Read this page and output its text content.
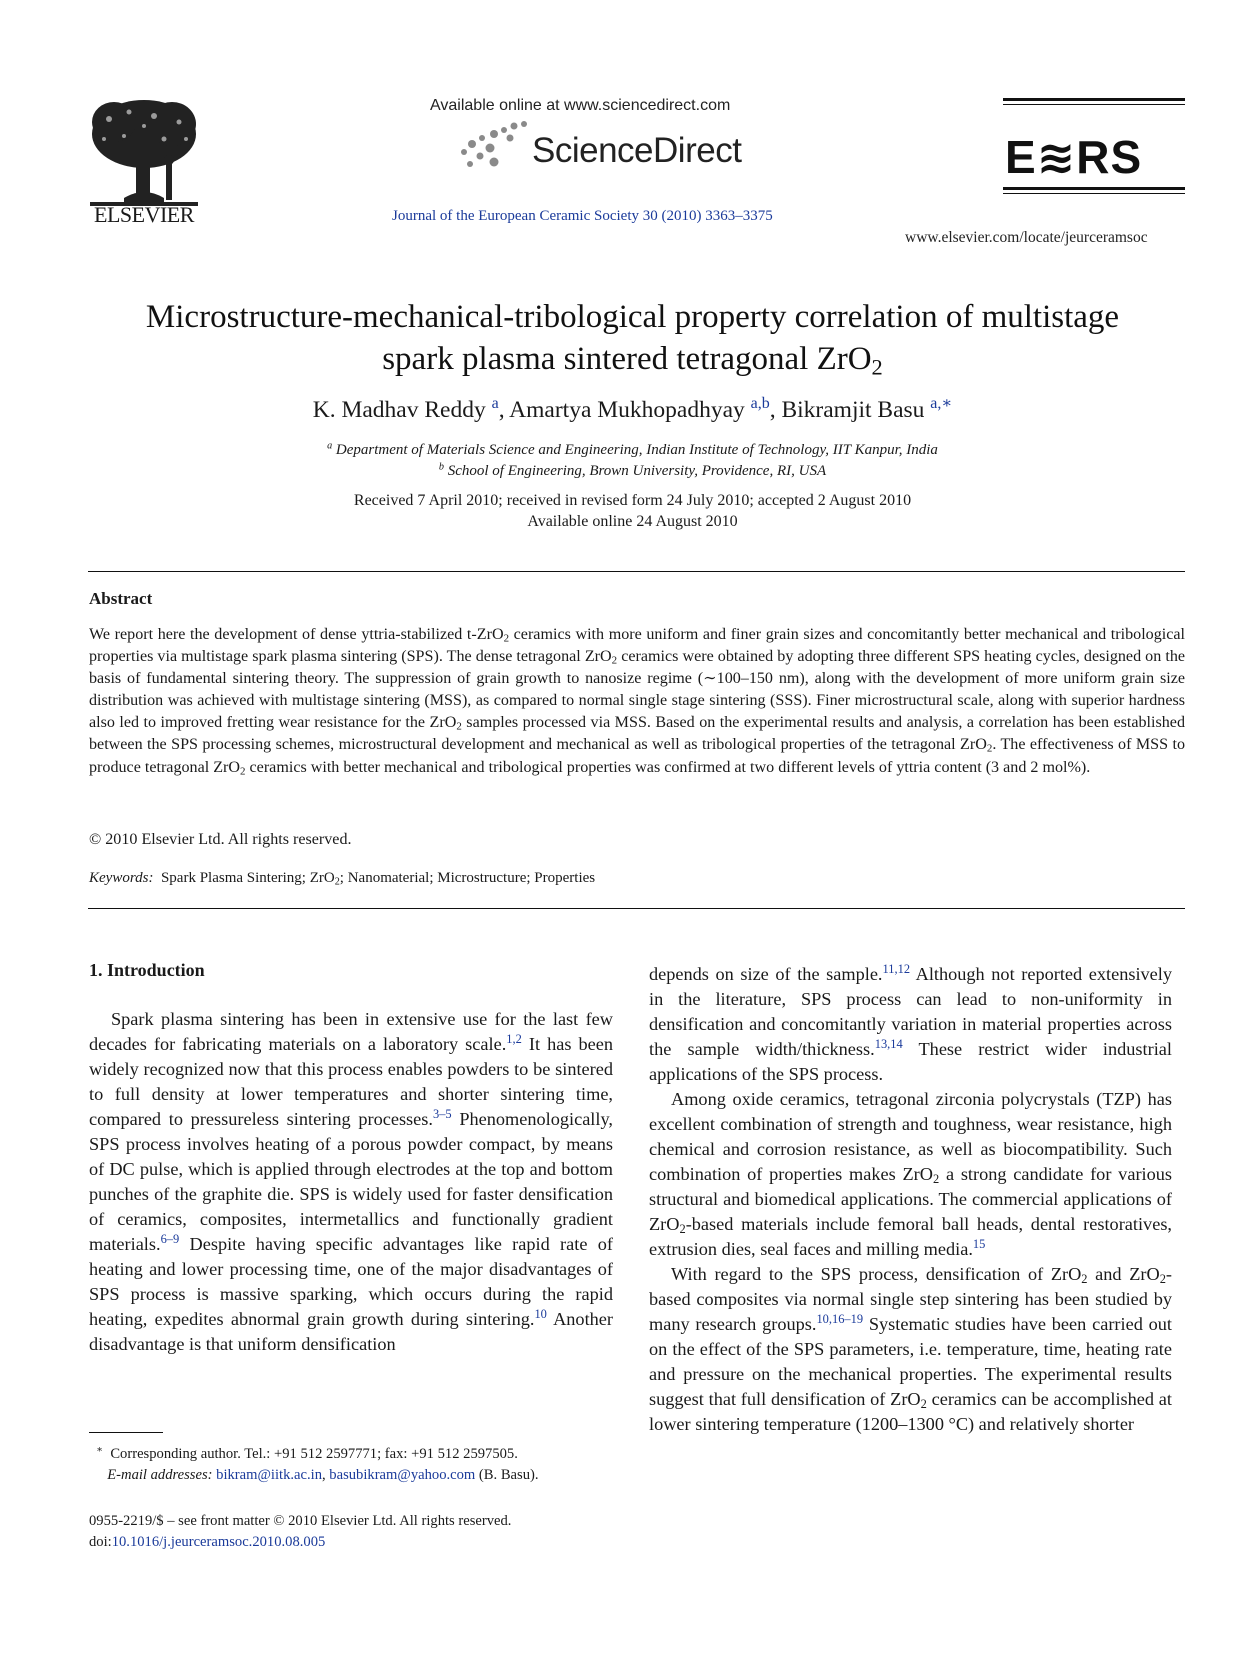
ELSEVIER
Available online at www.sciencedirect.com
ScienceDirect
Journal of the European Ceramic Society 30 (2010) 3363–3375
E≋RS
www.elsevier.com/locate/jeurceramsoc
Microstructure-mechanical-tribological property correlation of multistage
spark plasma sintered tetragonal ZrO$_2$
K. Madhav Reddy $^a$, Amartya Mukhopadhyay $^{a,b}$, Bikramjit Basu $^{a,∗}$
$^a$ Department of Materials Science and Engineering, Indian Institute of Technology, IIT Kanpur, India
$^b$ School of Engineering, Brown University, Providence, RI, USA
Received 7 April 2010; received in revised form 24 July 2010; accepted 2 August 2010
Available online 24 August 2010
Abstract
We report here the development of dense yttria-stabilized t-ZrO$_2$ ceramics with more uniform and finer grain sizes and concomitantly better mechanical and tribological properties via multistage spark plasma sintering (SPS). The dense tetragonal ZrO$_2$ ceramics were obtained by adopting three different SPS heating cycles, designed on the basis of fundamental sintering theory. The suppression of grain growth to nanosize regime (∼100–150 nm), along with the development of more uniform grain size distribution was achieved with multistage sintering (MSS), as compared to normal single stage sintering (SSS). Finer microstructural scale, along with superior hardness also led to improved fretting wear resistance for the ZrO$_2$ samples processed via MSS. Based on the experimental results and analysis, a correlation has been established between the SPS processing schemes, microstructural development and mechanical as well as tribological properties of the tetragonal ZrO$_2$. The effectiveness of MSS to produce tetragonal ZrO$_2$ ceramics with better mechanical and tribological properties was confirmed at two different levels of yttria content (3 and 2 mol%).
© 2010 Elsevier Ltd. All rights reserved.
Keywords: Spark Plasma Sintering; ZrO$_2$; Nanomaterial; Microstructure; Properties
1. Introduction

Spark plasma sintering has been in extensive use for the last few decades for fabricating materials on a laboratory scale.$^{1,2}$ It has been widely recognized now that this process enables powders to be sintered to full density at lower temperatures and shorter sintering time, compared to pressureless sintering processes.$^{3-5}$ Phenomenologically, SPS process involves heating of a porous powder compact, by means of DC pulse, which is applied through electrodes at the top and bottom punches of the graphite die. SPS is widely used for faster densification of ceramics, composites, intermetallics and functionally gradient materials.$^{6-9}$ Despite having specific advantages like rapid rate of heating and lower processing time, one of the major disadvantages of SPS process is massive sparking, which occurs during the rapid heating, expedites abnormal grain growth during sintering.$^{10}$ Another disadvantage is that uniform densification

depends on size of the sample.$^{11,12}$ Although not reported extensively in the literature, SPS process can lead to non-uniformity in densification and concomitantly variation in material properties across the sample width/thickness.$^{13,14}$ These restrict wider industrial applications of the SPS process.

Among oxide ceramics, tetragonal zirconia polycrystals (TZP) has excellent combination of strength and toughness, wear resistance, high chemical and corrosion resistance, as well as biocompatibility. Such combination of properties makes ZrO$_2$ a strong candidate for various structural and biomedical applications. The commercial applications of ZrO$_2$-based materials include femoral ball heads, dental restoratives, extrusion dies, seal faces and milling media.$^{15}$

With regard to the SPS process, densification of ZrO$_2$ and ZrO$_2$-based composites via normal single step sintering has been studied by many research groups.$^{10,16-19}$ Systematic studies have been carried out on the effect of the SPS parameters, i.e. temperature, time, heating rate and pressure on the mechanical properties. The experimental results suggest that full densification of ZrO$_2$ ceramics can be accomplished at lower sintering temperature (1200–1300 °C) and relatively shorter

∗ Corresponding author. Tel.: +91 512 2597771; fax: +91 512 2597505.
E-mail addresses: bikram@iitk.ac.in, basubikram@yahoo.com (B. Basu).
0955-2219/$ – see front matter © 2010 Elsevier Ltd. All rights reserved.
doi:10.1016/j.jeurceramsoc.2010.08.005
